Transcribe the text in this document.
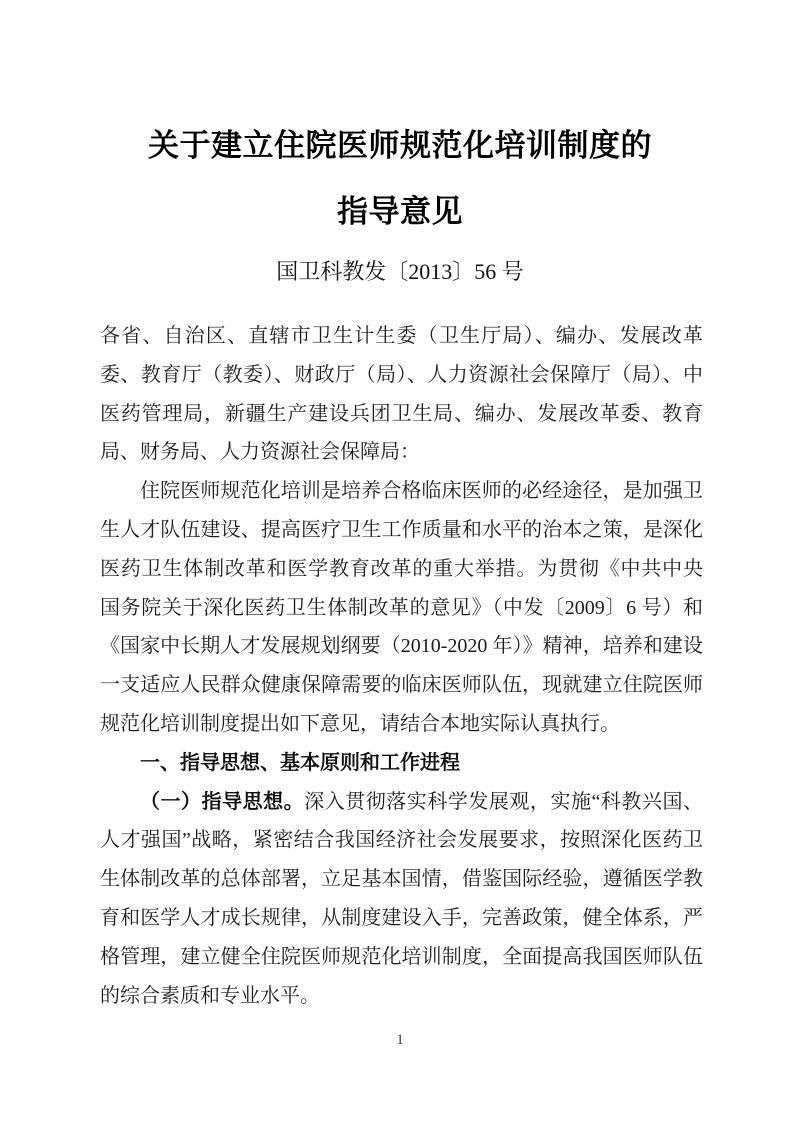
关于建立住院医师规范化培训制度的
指导意见
国卫科教发〔2013〕56 号

各省、自治区、直辖市卫生计生委（卫生厅局）、编办、发展改革委、教育厅（教委）、财政厅（局）、人力资源社会保障厅（局）、中医药管理局，新疆生产建设兵团卫生局、编办、发展改革委、教育局、财务局、人力资源社会保障局：

住院医师规范化培训是培养合格临床医师的必经途径，是加强卫生人才队伍建设、提高医疗卫生工作质量和水平的治本之策，是深化医药卫生体制改革和医学教育改革的重大举措。为贯彻《中共中央 国务院关于深化医药卫生体制改革的意见》（中发〔2009〕6 号）和《国家中长期人才发展规划纲要（2010-2020 年）》精神，培养和建设一支适应人民群众健康保障需要的临床医师队伍，现就建立住院医师规范化培训制度提出如下意见，请结合本地实际认真执行。

一、指导思想、基本原则和工作进程

（一）指导思想。深入贯彻落实科学发展观，实施“科教兴国、人才强国”战略，紧密结合我国经济社会发展要求，按照深化医药卫生体制改革的总体部署，立足基本国情，借鉴国际经验，遵循医学教育和医学人才成长规律，从制度建设入手，完善政策，健全体系，严格管理，建立健全住院医师规范化培训制度，全面提高我国医师队伍的综合素质和专业水平。

1
